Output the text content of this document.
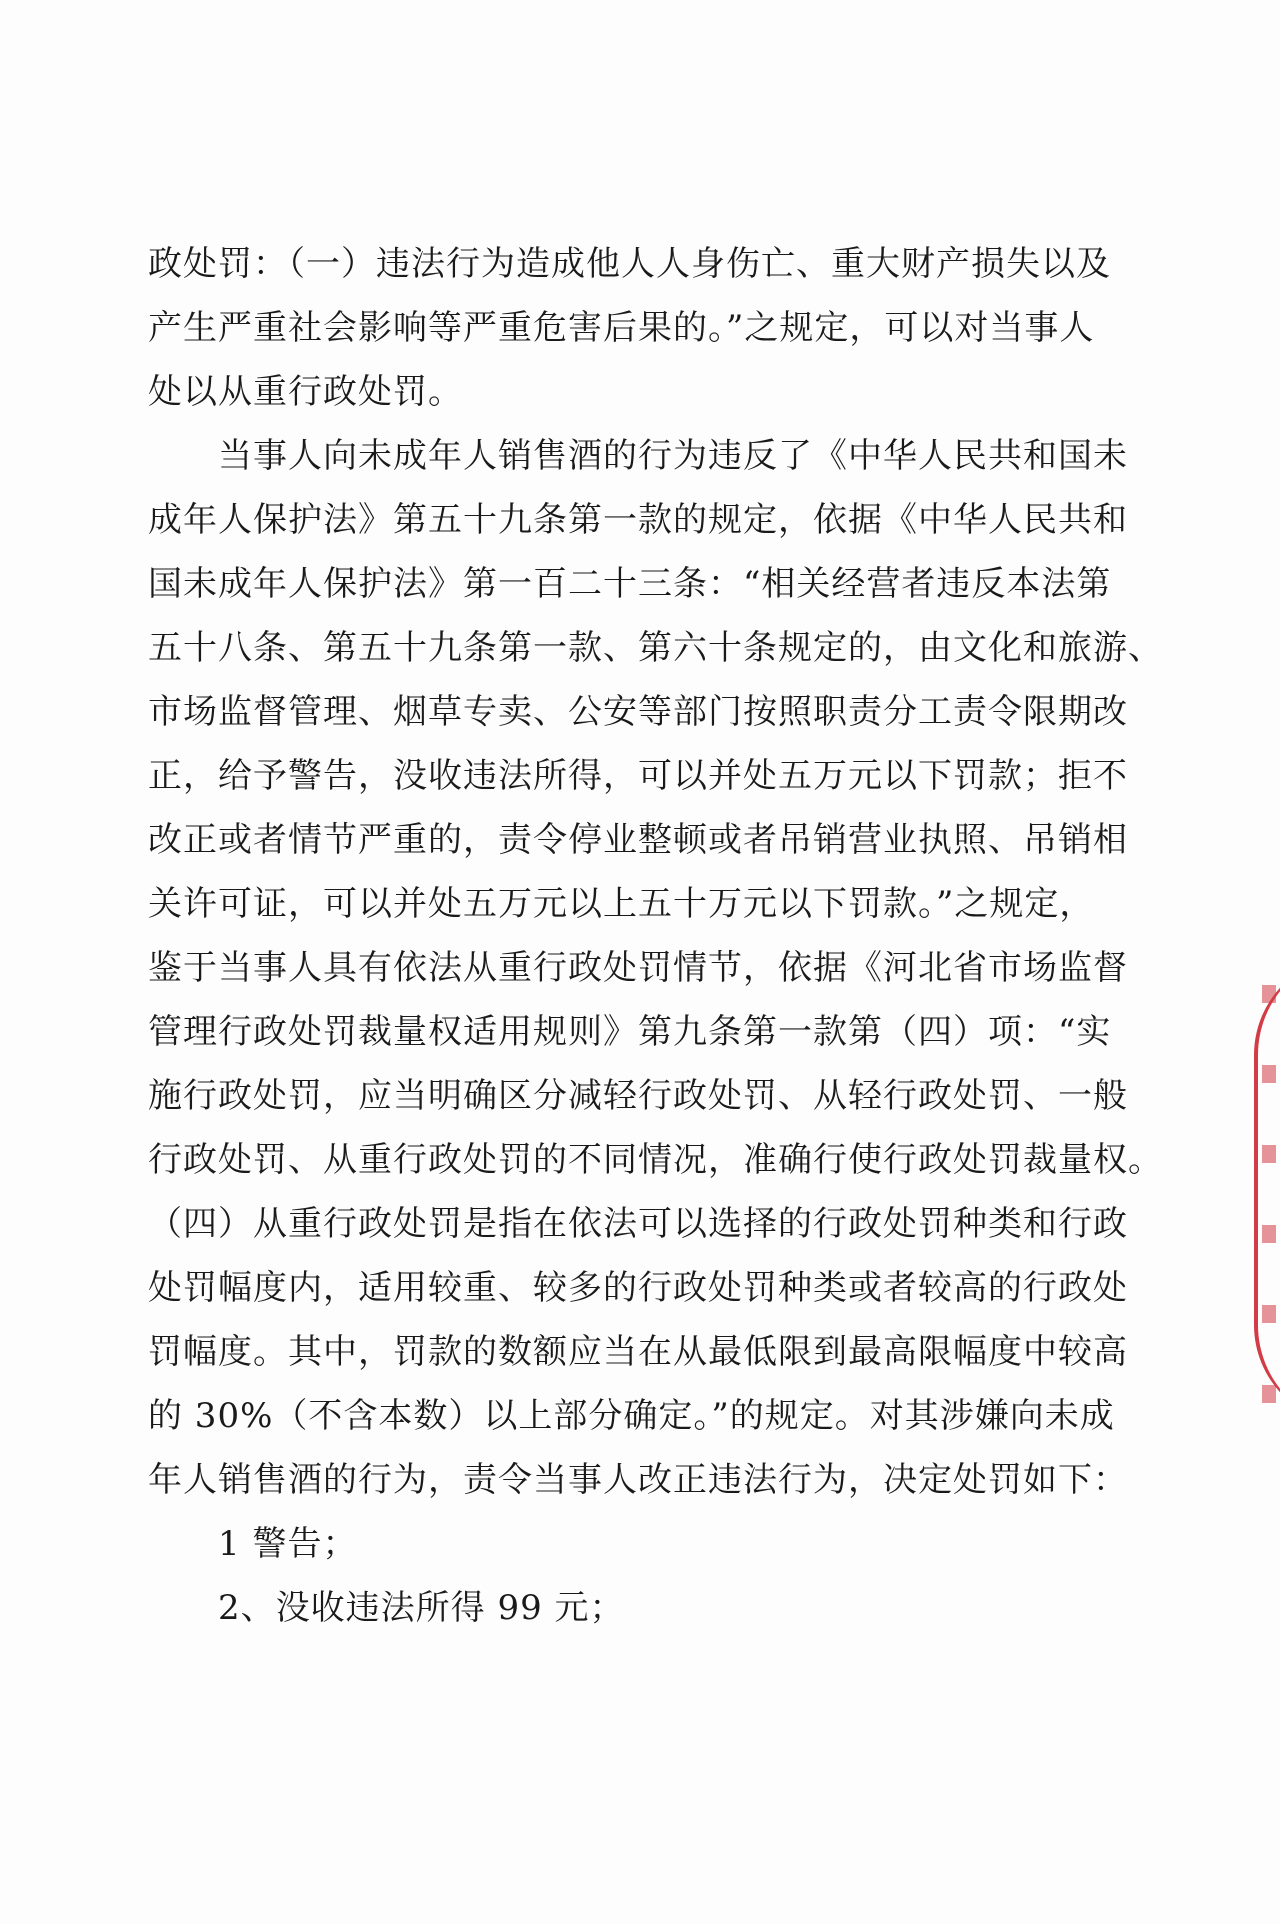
政处罚：（一）违法行为造成他人人身伤亡、重大财产损失以及
产生严重社会影响等严重危害后果的。”之规定，可以对当事人
处以从重行政处罚。
当事人向未成年人销售酒的行为违反了《中华人民共和国未
成年人保护法》第五十九条第一款的规定，依据《中华人民共和
国未成年人保护法》第一百二十三条：“相关经营者违反本法第
五十八条、第五十九条第一款、第六十条规定的，由文化和旅游、
市场监督管理、烟草专卖、公安等部门按照职责分工责令限期改
正，给予警告，没收违法所得，可以并处五万元以下罚款；拒不
改正或者情节严重的，责令停业整顿或者吊销营业执照、吊销相
关许可证，可以并处五万元以上五十万元以下罚款。”之规定，
鉴于当事人具有依法从重行政处罚情节，依据《河北省市场监督
管理行政处罚裁量权适用规则》第九条第一款第（四）项：“实
施行政处罚，应当明确区分减轻行政处罚、从轻行政处罚、一般
行政处罚、从重行政处罚的不同情况，准确行使行政处罚裁量权。
（四）从重行政处罚是指在依法可以选择的行政处罚种类和行政
处罚幅度内，适用较重、较多的行政处罚种类或者较高的行政处
罚幅度。其中，罚款的数额应当在从最低限到最高限幅度中较高
的 30%（不含本数）以上部分确定。”的规定。对其涉嫌向未成
年人销售酒的行为，责令当事人改正违法行为，决定处罚如下：
1 警告；
2、没收违法所得 99 元；
